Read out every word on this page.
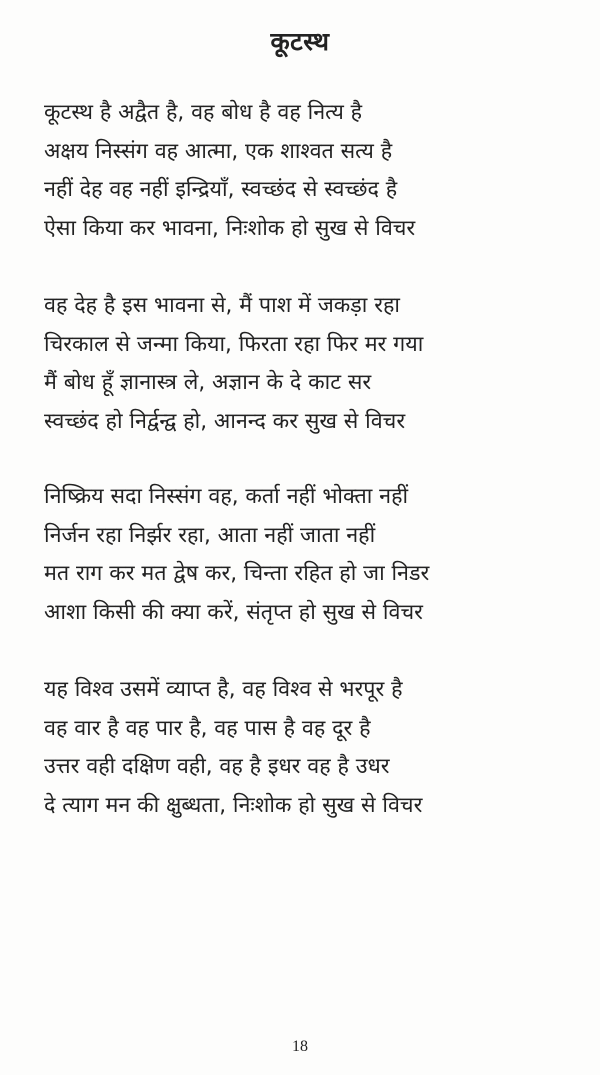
कूटस्थ
कूटस्थ है अद्वैत है, वह बोध है वह नित्य है
अक्षय निस्संग वह आत्मा, एक शाश्वत सत्य है
नहीं देह वह नहीं इन्द्रियाँ, स्वच्छंद से स्वच्छंद है
ऐसा किया कर भावना, निःशोक हो सुख से विचर
वह देह है इस भावना से, मैं पाश में जकड़ा रहा
चिरकाल से जन्मा किया, फिरता रहा फिर मर गया
मैं बोध हूँ ज्ञानास्त्र ले, अज्ञान के दे काट सर
स्वच्छंद हो निर्द्वन्द्व हो, आनन्द कर सुख से विचर
निष्क्रिय सदा निस्संग वह, कर्ता नहीं भोक्ता नहीं
निर्जन रहा निर्झर रहा, आता नहीं जाता नहीं
मत राग कर मत द्वेष कर, चिन्ता रहित हो जा निडर
आशा किसी की क्या करें, संतृप्त हो सुख से विचर
यह विश्व उसमें व्याप्त है, वह विश्व से भरपूर है
वह वार है वह पार है, वह पास है वह दूर है
उत्तर वही दक्षिण वही, वह है इधर वह है उधर
दे त्याग मन की क्षुब्धता, निःशोक हो सुख से विचर
18
